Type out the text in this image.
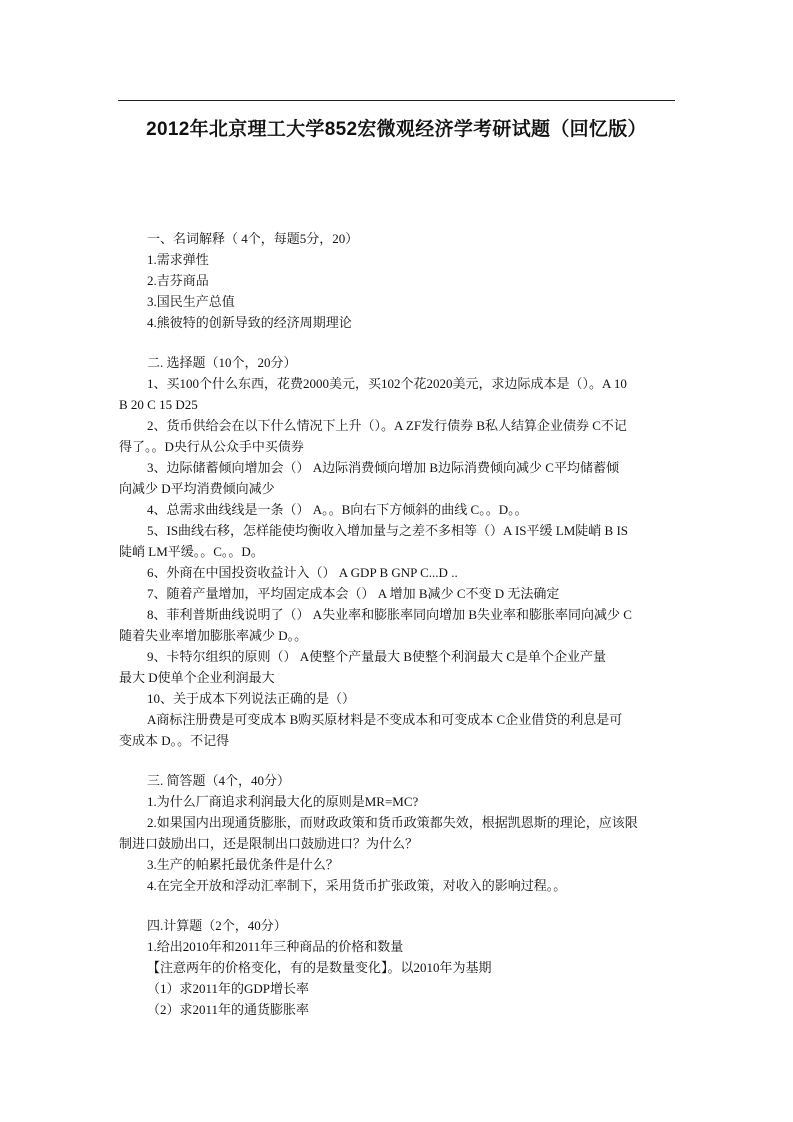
2012年北京理工大学852宏微观经济学考研试题（回忆版）
一、名词解释（ 4个，每题5分，20）
1.需求弹性
2.吉芬商品
3.国民生产总值
4.熊彼特的创新导致的经济周期理论
二. 选择题（10个，20分）
1、买100个什么东西，花费2000美元，买102个花2020美元，求边际成本是（）。A 10
B 20 C 15 D25
2、货币供给会在以下什么情况下上升（）。A ZF发行债券 B私人结算企业债券 C不记
得了。。D央行从公众手中买债券
3、边际储蓄倾向增加会（） A边际消费倾向增加 B边际消费倾向减少 C平均储蓄倾
向减少 D平均消费倾向减少
4、总需求曲线线是一条（） A。。B向右下方倾斜的曲线 C。。D。。
5、IS曲线右移，怎样能使均衡收入增加量与之差不多相等（）A IS平缓 LM陡峭 B IS
陡峭 LM平缓。。C。。D。
6、外商在中国投资收益计入（） A GDP B GNP C...D ..
7、随着产量增加，平均固定成本会（） A 增加 B减少 C不变 D 无法确定
8、菲利普斯曲线说明了（） A失业率和膨胀率同向增加 B失业率和膨胀率同向减少 C
随着失业率增加膨胀率减少 D。。
9、卡特尔组织的原则（） A使整个产量最大 B使整个利润最大 C是单个企业产量
最大 D使单个企业利润最大
10、关于成本下列说法正确的是（）
A商标注册费是可变成本 B购买原材料是不变成本和可变成本 C企业借贷的利息是可
变成本 D。。不记得
三. 简答题（4个，40分）
1.为什么厂商追求利润最大化的原则是MR=MC?
2.如果国内出现通货膨胀，而财政政策和货币政策都失效，根据凯恩斯的理论，应该限
制进口鼓励出口，还是限制出口鼓励进口？为什么？
3.生产的帕累托最优条件是什么？
4.在完全开放和浮动汇率制下，采用货币扩张政策，对收入的影响过程。。
四.计算题（2个，40分）
1.给出2010年和2011年三种商品的价格和数量
【注意两年的价格变化，有的是数量变化】。以2010年为基期
（1）求2011年的GDP增长率
（2）求2011年的通货膨胀率
